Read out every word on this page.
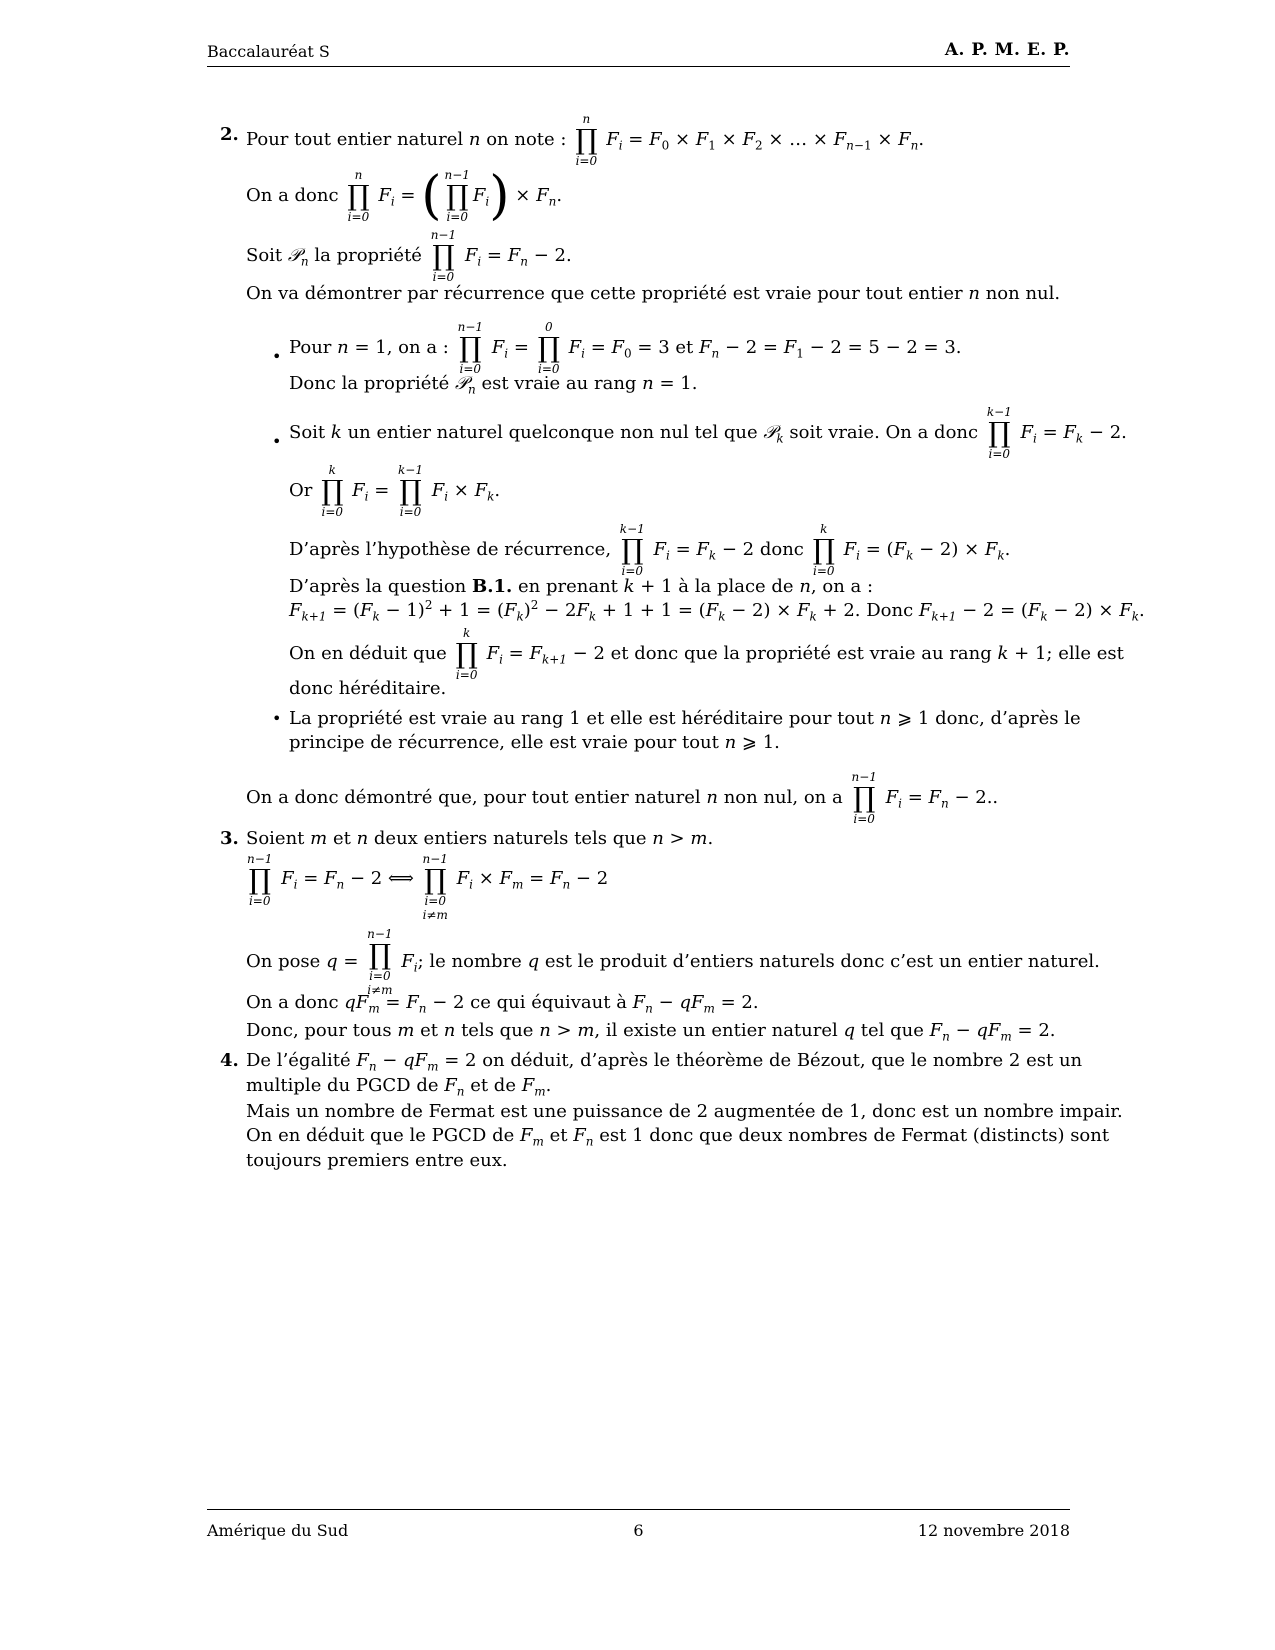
Baccalauréat S	A. P. M. E. P.
2. Pour tout entier naturel n on note :
n
∏
i=0
$F_i = F_0 \times F_1 \times F_2$ × … × $F_{n-1} \times F_n$.
On a donc
n
∏
i=0
$F_i$ = ( n−1
∏
i=0
$F_i) \times F_n$.
Soit 𝒫$_n$ la propriété
n−1
∏
i=0
$F_i = F_n - 2$.
On va démontrer par récurrence que cette propriété est vraie pour tout entier n non nul.
• Pour n = 1, on a :
n−1
∏
i=0
$F_i$ =
0
∏
i=0
$F_i = F_0 = 3$ et $F_n - 2 = F_1 - 2 = 5 - 2 = 3$.
Donc la propriété 𝒫$_n$ est vraie au rang n = 1.
• Soit k un entier naturel quelconque non nul tel que 𝒫$_k$ soit vraie. On a donc
k−1
∏
i=0
$F_i = F_k - 2$.
Or
k
∏
i=0
$F_i$ =
k−1
∏
i=0
$F_i \times F_k$.
D’après l’hypothèse de récurrence,
k−1
∏
i=0
$F_i = F_k - 2$ donc
k
∏
i=0
$F_i = (F_k - 2) \times F_k$.
D’après la question B.1. en prenant k + 1 à la place de n, on a :
$F_{k+1} = (F_k - 1)^2 + 1 = (F_k)^2 - 2F_k + 1 + 1 = (F_k - 2) \times F_k + 2$. Donc $F_{k+1} - 2 = (F_k - 2) \times F_k$.
On en déduit que
k
∏
i=0
$F_i = F_{k+1} - 2$ et donc que la propriété est vraie au rang k + 1; elle est
donc héréditaire.
• La propriété est vraie au rang 1 et elle est héréditaire pour tout n ⩾ 1 donc, d’après le
principe de récurrence, elle est vraie pour tout n ⩾ 1.
On a donc démontré que, pour tout entier naturel n non nul, on a
n−1
∏
i=0
$F_i = F_n - 2$..
3. Soient m et n deux entiers naturels tels que n > m.
n−1
∏
i=0
$F_i = F_n - 2$ ⟺
n−1
∏
i=0
i≠m
$F_i \times F_m = F_n - 2$
On pose q =
n−1
∏
i=0
i≠m
$F_i$; le nombre q est le produit d’entiers naturels donc c’est un entier naturel.
On a donc $qF_m = F_n - 2$ ce qui équivaut à $F_n - qF_m = 2$.
Donc, pour tous m et n tels que n > m, il existe un entier naturel q tel que $F_n - qF_m = 2$.
4. De l’égalité $F_n - qF_m = 2$ on déduit, d’après le théorème de Bézout, que le nombre 2 est un
multiple du PGCD de $F_n$ et de $F_m$.
Mais un nombre de Fermat est une puissance de 2 augmentée de 1, donc est un nombre impair.
On en déduit que le PGCD de $F_m$ et $F_n$ est 1 donc que deux nombres de Fermat (distincts) sont
toujours premiers entre eux.
Amérique du Sud	6	12 novembre 2018
